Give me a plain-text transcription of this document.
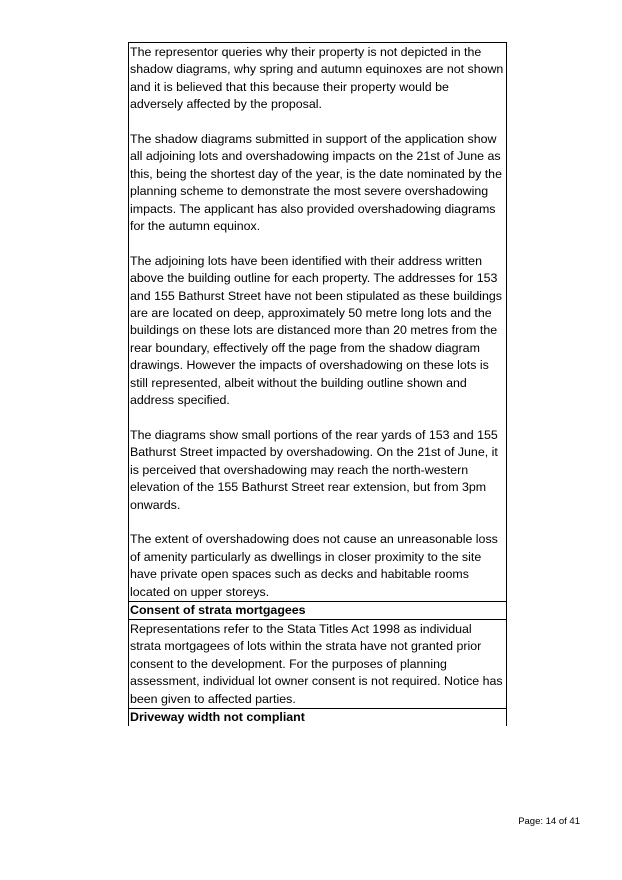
The representor queries why their property is not depicted in the shadow diagrams, why spring and autumn equinoxes are not shown and it is believed that this because their property would be adversely affected by the proposal.

The shadow diagrams submitted in support of the application show all adjoining lots and overshadowing impacts on the 21st of June as this, being the shortest day of the year, is the date nominated by the planning scheme to demonstrate the most severe overshadowing impacts. The applicant has also provided overshadowing diagrams for the autumn equinox.

The adjoining lots have been identified with their address written above the building outline for each property. The addresses for 153 and 155 Bathurst Street have not been stipulated as these buildings are are located on deep, approximately 50 metre long lots and the buildings on these lots are distanced more than 20 metres from the rear boundary, effectively off the page from the shadow diagram drawings. However the impacts of overshadowing on these lots is still represented, albeit without the building outline shown and address specified.

The diagrams show small portions of the rear yards of 153 and 155 Bathurst Street impacted by overshadowing. On the 21st of June, it is perceived that overshadowing may reach the north-western elevation of the 155 Bathurst Street rear extension, but from 3pm onwards.

The extent of overshadowing does not cause an unreasonable loss of amenity particularly as dwellings in closer proximity to the site have private open spaces such as decks and habitable rooms located on upper storeys.

Consent of strata mortgagees

Representations refer to the Stata Titles Act 1998 as individual strata mortgagees of lots within the strata have not granted prior consent to the development. For the purposes of planning assessment, individual lot owner consent is not required. Notice has been given to affected parties.

Driveway width not compliant
Page: 14 of 41
